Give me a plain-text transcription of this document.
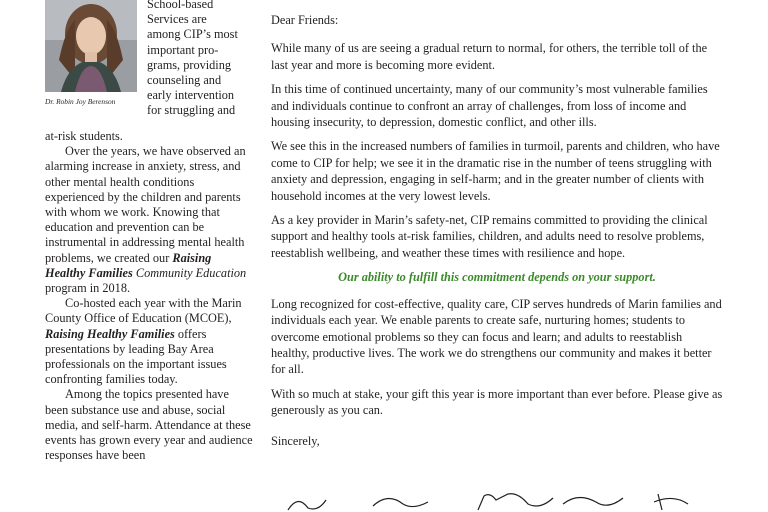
Dr. Robin Joy Berenson
School-based
Services are
among CIP’s most
important pro-
grams, providing
counseling and
early intervention
for struggling and

at-risk students.

Over the years, we have observed an alarming increase in anxiety, stress, and other mental health conditions experienced by the children and parents with whom we work. Knowing that education and prevention can be instrumental in addressing mental health problems, we created our Raising Healthy Families Community Education program in 2018.

Co-hosted each year with the Marin County Office of Education (MCOE), Raising Healthy Families offers presentations by leading Bay Area professionals on the important issues confronting families today.

Among the topics presented have been substance use and abuse, social media, and self-harm. Attendance at these events has grown every year and audience responses have been

Dear Friends:

While many of us are seeing a gradual return to normal, for others, the terrible toll of the last year and more is becoming more evident.

In this time of continued uncertainty, many of our community’s most vulnerable families and individuals continue to confront an array of challenges, from loss of income and housing insecurity, to depression, domestic conflict, and other ills.

We see this in the increased numbers of families in turmoil, parents and children, who have come to CIP for help; we see it in the dramatic rise in the number of teens struggling with anxiety and depression, engaging in self-harm; and in the greater number of clients with household incomes at the very lowest levels.

As a key provider in Marin’s safety-net, CIP remains committed to providing the clinical support and healthy tools at-risk families, children, and adults need to resolve problems, reestablish wellbeing, and weather these times with resilience and hope.

Our ability to fulfill this commitment depends on your support.

Long recognized for cost-effective, quality care, CIP serves hundreds of Marin families and individuals each year. We enable parents to create safe, nurturing homes; students to overcome emotional problems so they can focus and learn; and adults to reestablish healthy, productive lives. The work we do strengthens our community and makes it better for all.

With so much at stake, your gift this year is more important than ever before. Please give as generously as you can.

Sincerely,
